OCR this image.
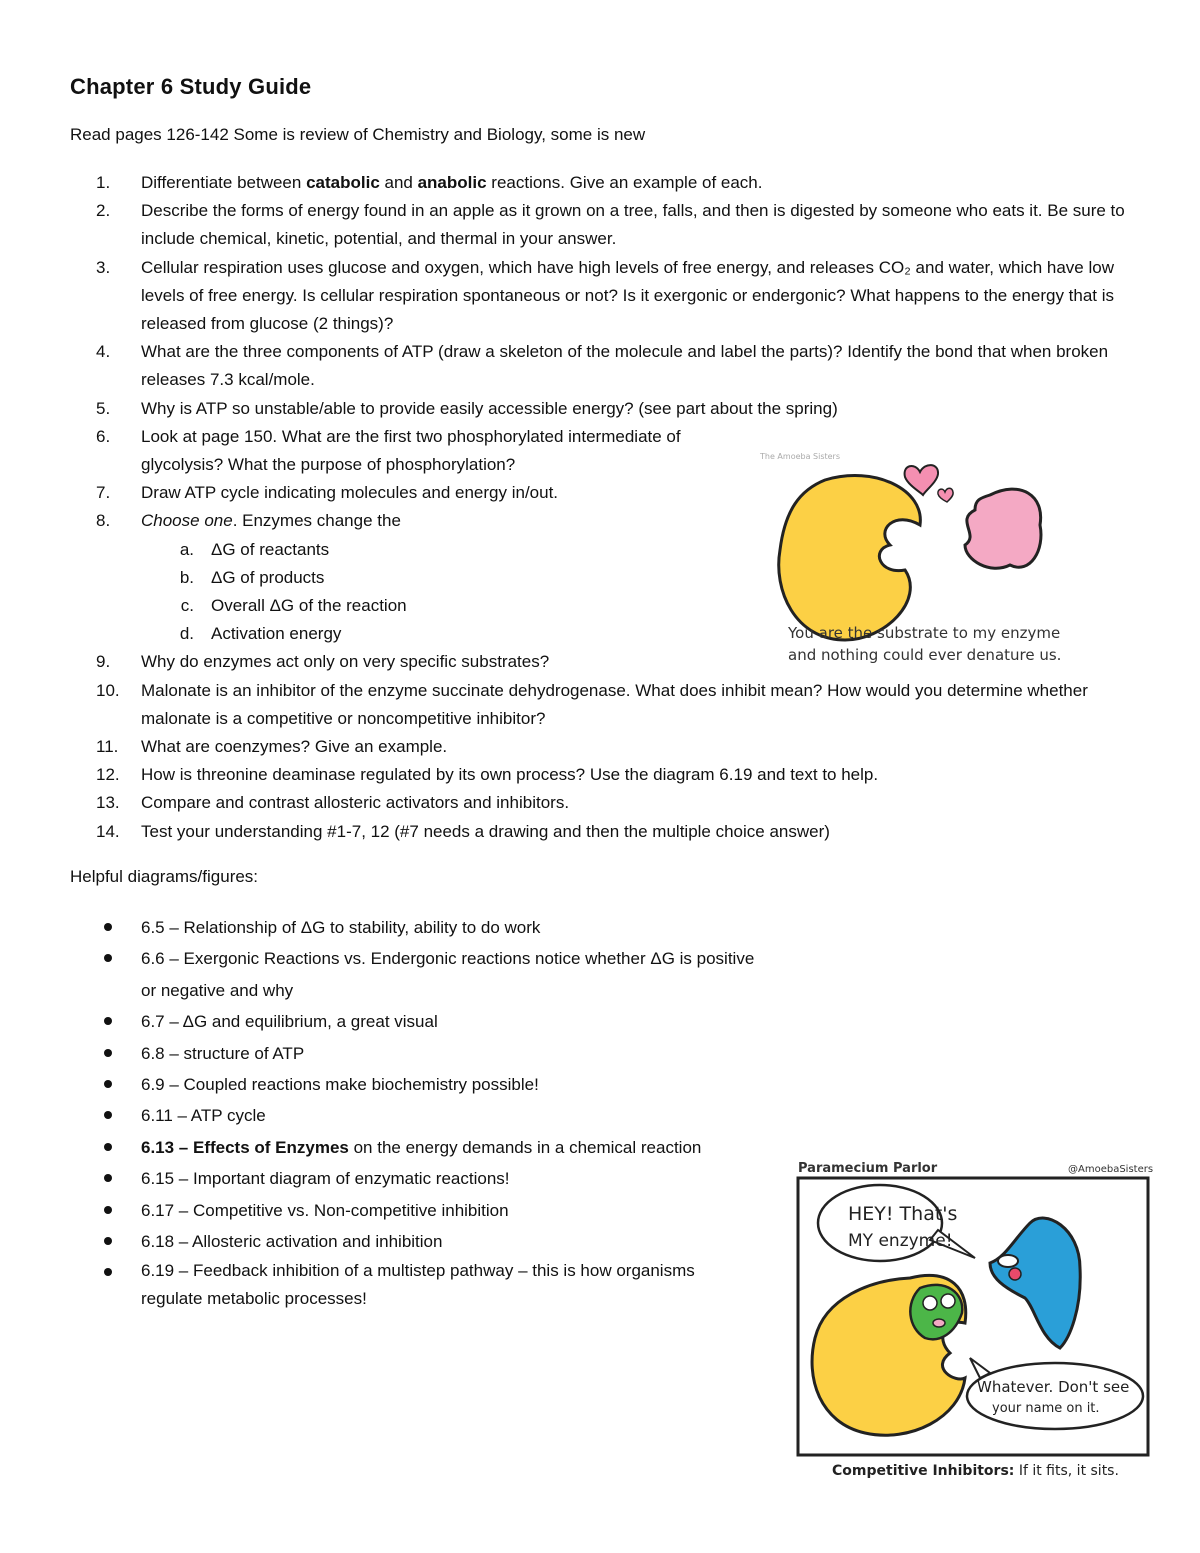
Chapter 6 Study Guide
Read pages 126-142 Some is review of Chemistry and Biology, some is new
1.	Differentiate between catabolic and anabolic reactions. Give an example of each.
2.	Describe the forms of energy found in an apple as it grown on a tree, falls, and then is digested by someone who eats it. Be sure to include chemical, kinetic, potential, and thermal in your answer.
3.	Cellular respiration uses glucose and oxygen, which have high levels of free energy, and releases CO₂ and water, which have low levels of free energy. Is cellular respiration spontaneous or not? Is it exergonic or endergonic? What happens to the energy that is released from glucose (2 things)?
4.	What are the three components of ATP (draw a skeleton of the molecule and label the parts)? Identify the bond that when broken releases 7.3 kcal/mole.
5.	Why is ATP so unstable/able to provide easily accessible energy? (see part about the spring)
6.	Look at page 150. What are the first two phosphorylated intermediate of glycolysis? What the purpose of phosphorylation?
7.	Draw ATP cycle indicating molecules and energy in/out.
8.	Choose one. Enzymes change the
a.	ΔG of reactants
b.	ΔG of products
c.	Overall ΔG of the reaction
d.	Activation energy
9.	Why do enzymes act only on very specific substrates?
10.	Malonate is an inhibitor of the enzyme succinate dehydrogenase. What does inhibit mean? How would you determine whether malonate is a competitive or noncompetitive inhibitor?
11.	What are coenzymes? Give an example.
12.	How is threonine deaminase regulated by its own process? Use the diagram 6.19 and text to help.
13.	Compare and contrast allosteric activators and inhibitors.
14.	Test your understanding #1-7, 12 (#7 needs a drawing and then the multiple choice answer)
Helpful diagrams/figures:
6.5 – Relationship of ΔG to stability, ability to do work
6.6 – Exergonic Reactions vs. Endergonic reactions notice whether ΔG is positive or negative and why
6.7 – ΔG and equilibrium, a great visual
6.8 – structure of ATP
6.9 – Coupled reactions make biochemistry possible!
6.11 – ATP cycle
6.13 – Effects of Enzymes on the energy demands in a chemical reaction
6.15 – Important diagram of enzymatic reactions!
6.17 – Competitive vs. Non-competitive inhibition
6.18 – Allosteric activation and inhibition
6.19 – Feedback inhibition of a multistep pathway – this is how organisms regulate metabolic processes!
The Amoeba Sisters
You are the substrate to my enzyme
and nothing could ever denature us.
Paramecium Parlor	@AmoebaSisters
HEY! That's
MY enzyme!
Whatever. Don't see
your name on it.
Competitive Inhibitors: If it fits, it sits.
